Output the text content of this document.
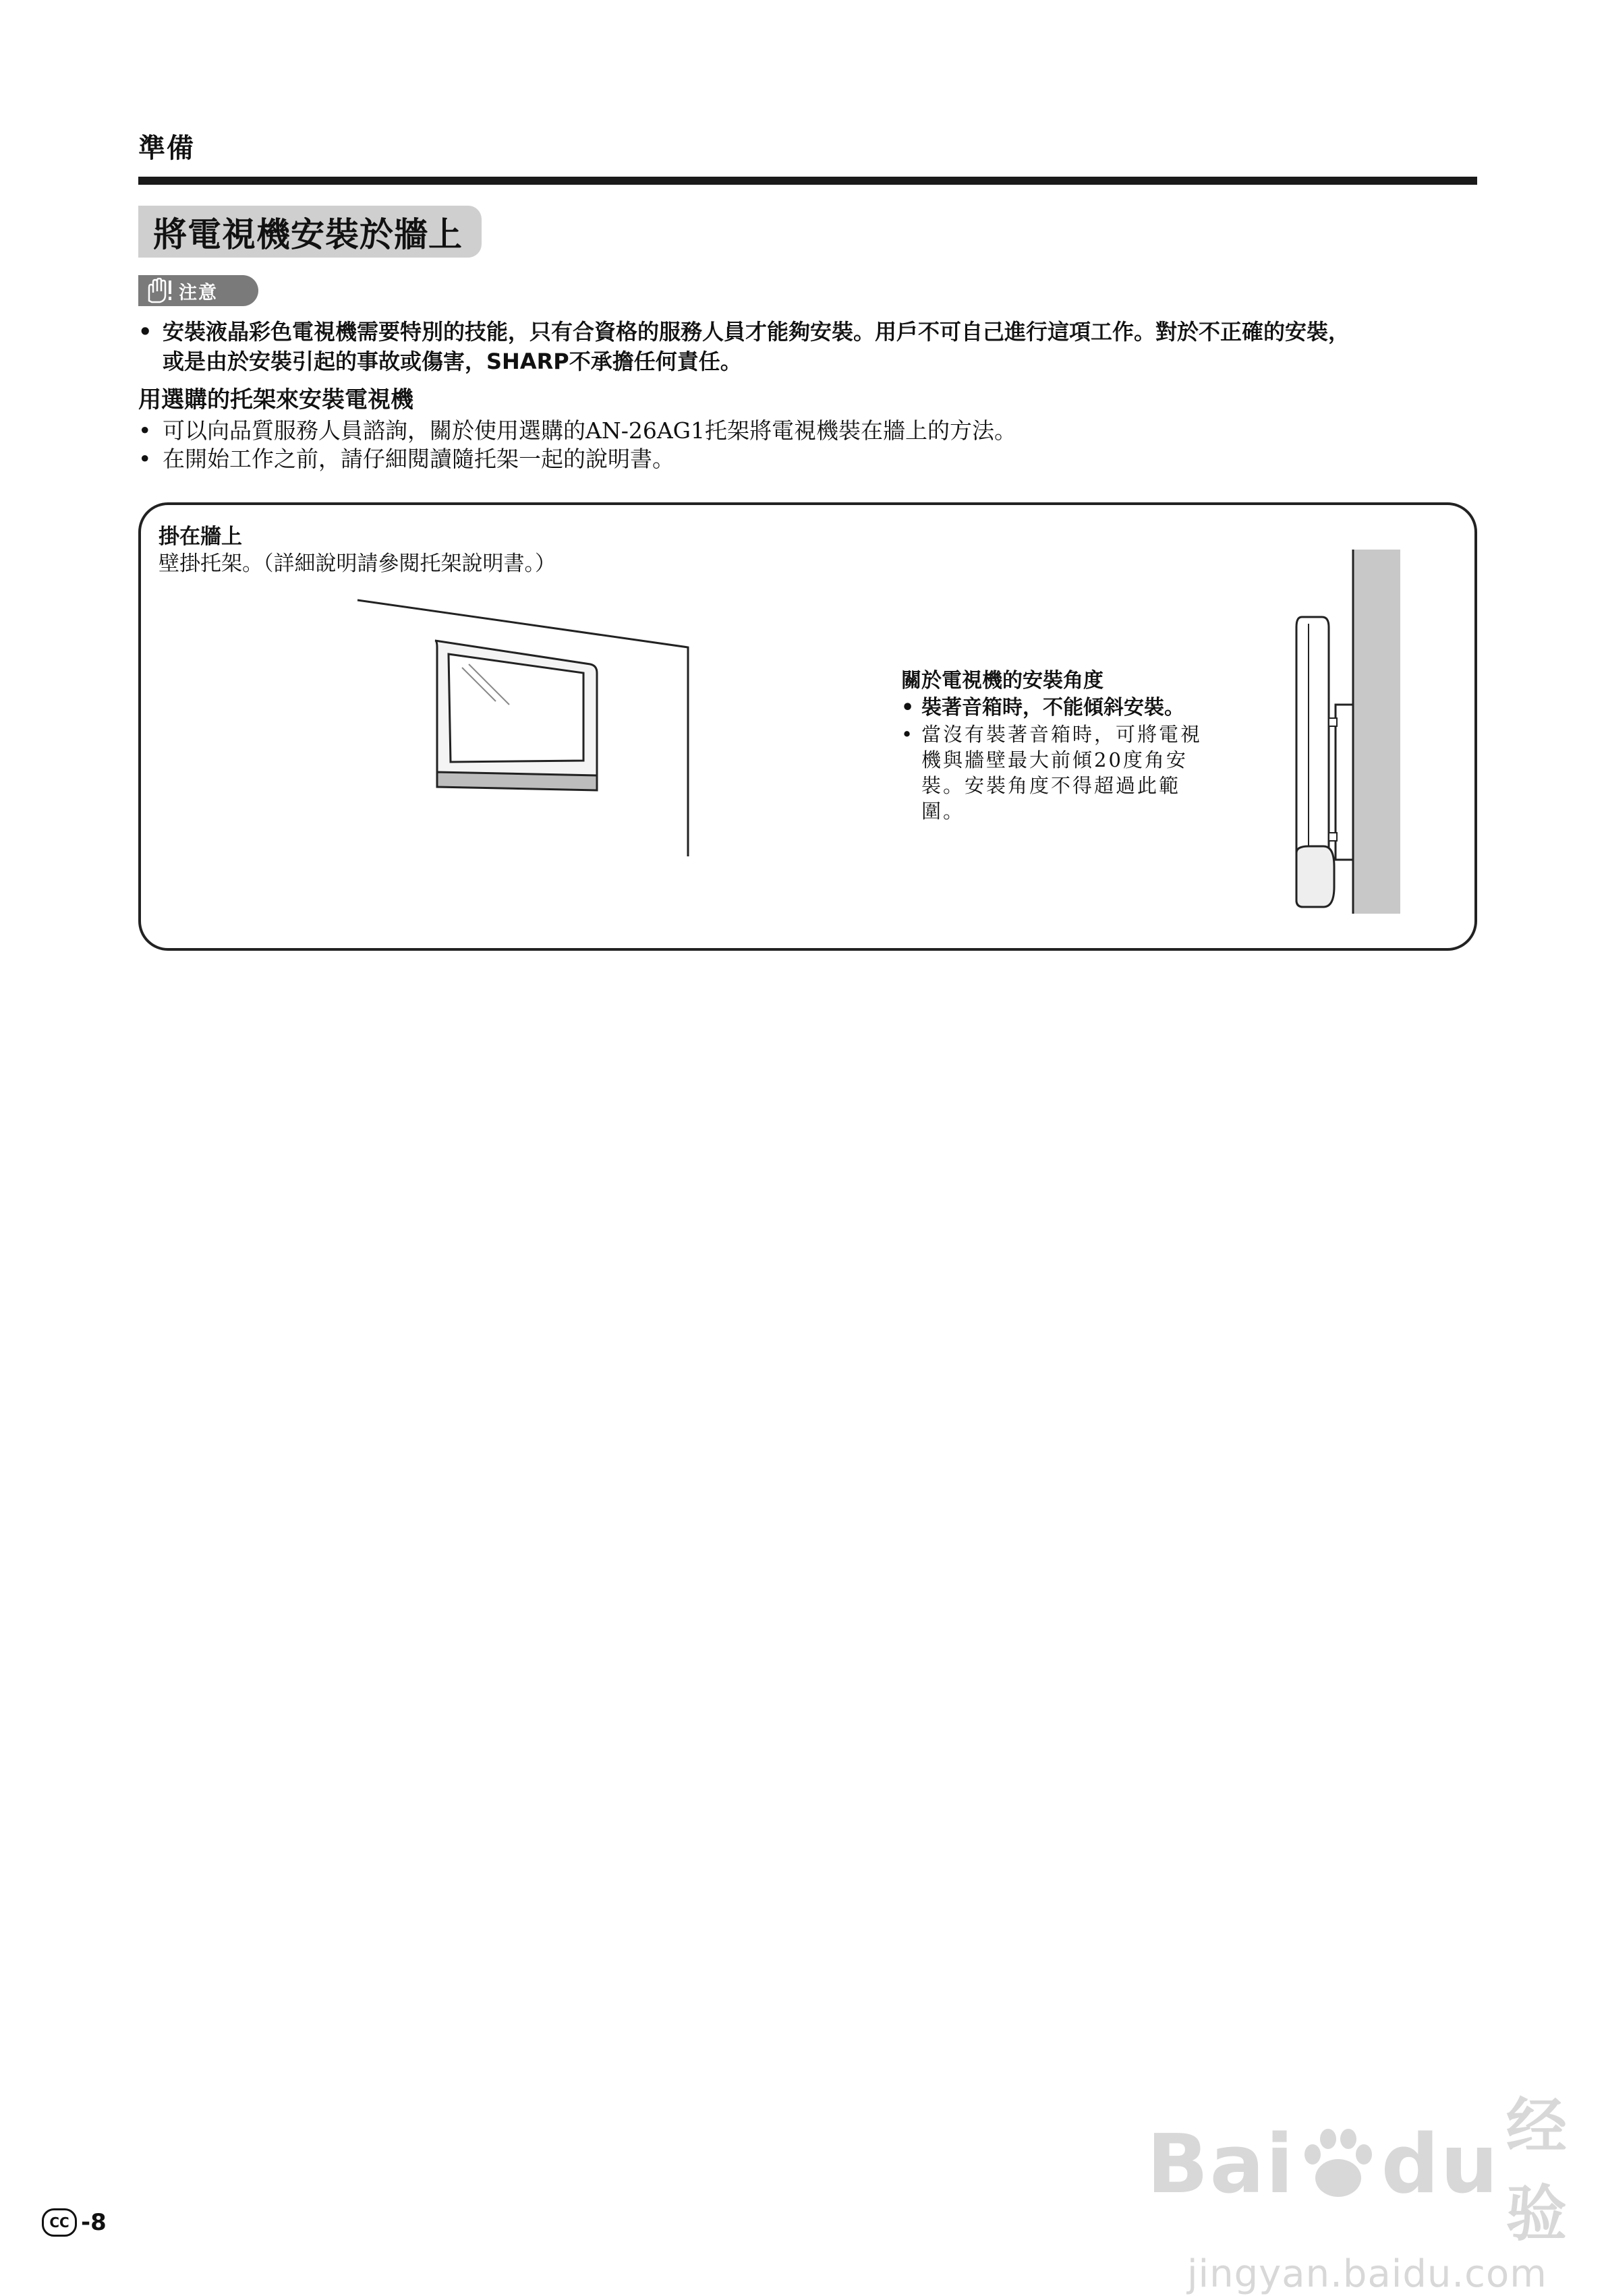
準備
將電視機安裝於牆上
注意
• 安裝液晶彩色電視機需要特別的技能，只有合資格的服務人員才能夠安裝。用戶不可自己進行這項工作。對於不正確的安裝，
或是由於安裝引起的事故或傷害，SHARP不承擔任何責任。
用選購的托架來安裝電視機
• 可以向品質服務人員諮詢，關於使用選購的AN-26AG1托架將電視機裝在牆上的方法。
• 在開始工作之前，請仔細閱讀隨托架一起的說明書。
掛在牆上
壁掛托架。（詳細說明請參閱托架說明書。）
關於電視機的安裝角度
• 裝著音箱時，不能傾斜安裝。
• 當沒有裝著音箱時，可將電視
機與牆壁最大前傾20度角安
裝。安裝角度不得超過此範
圍。
Bai du 经验
jingyan.baidu.com
CC -8
